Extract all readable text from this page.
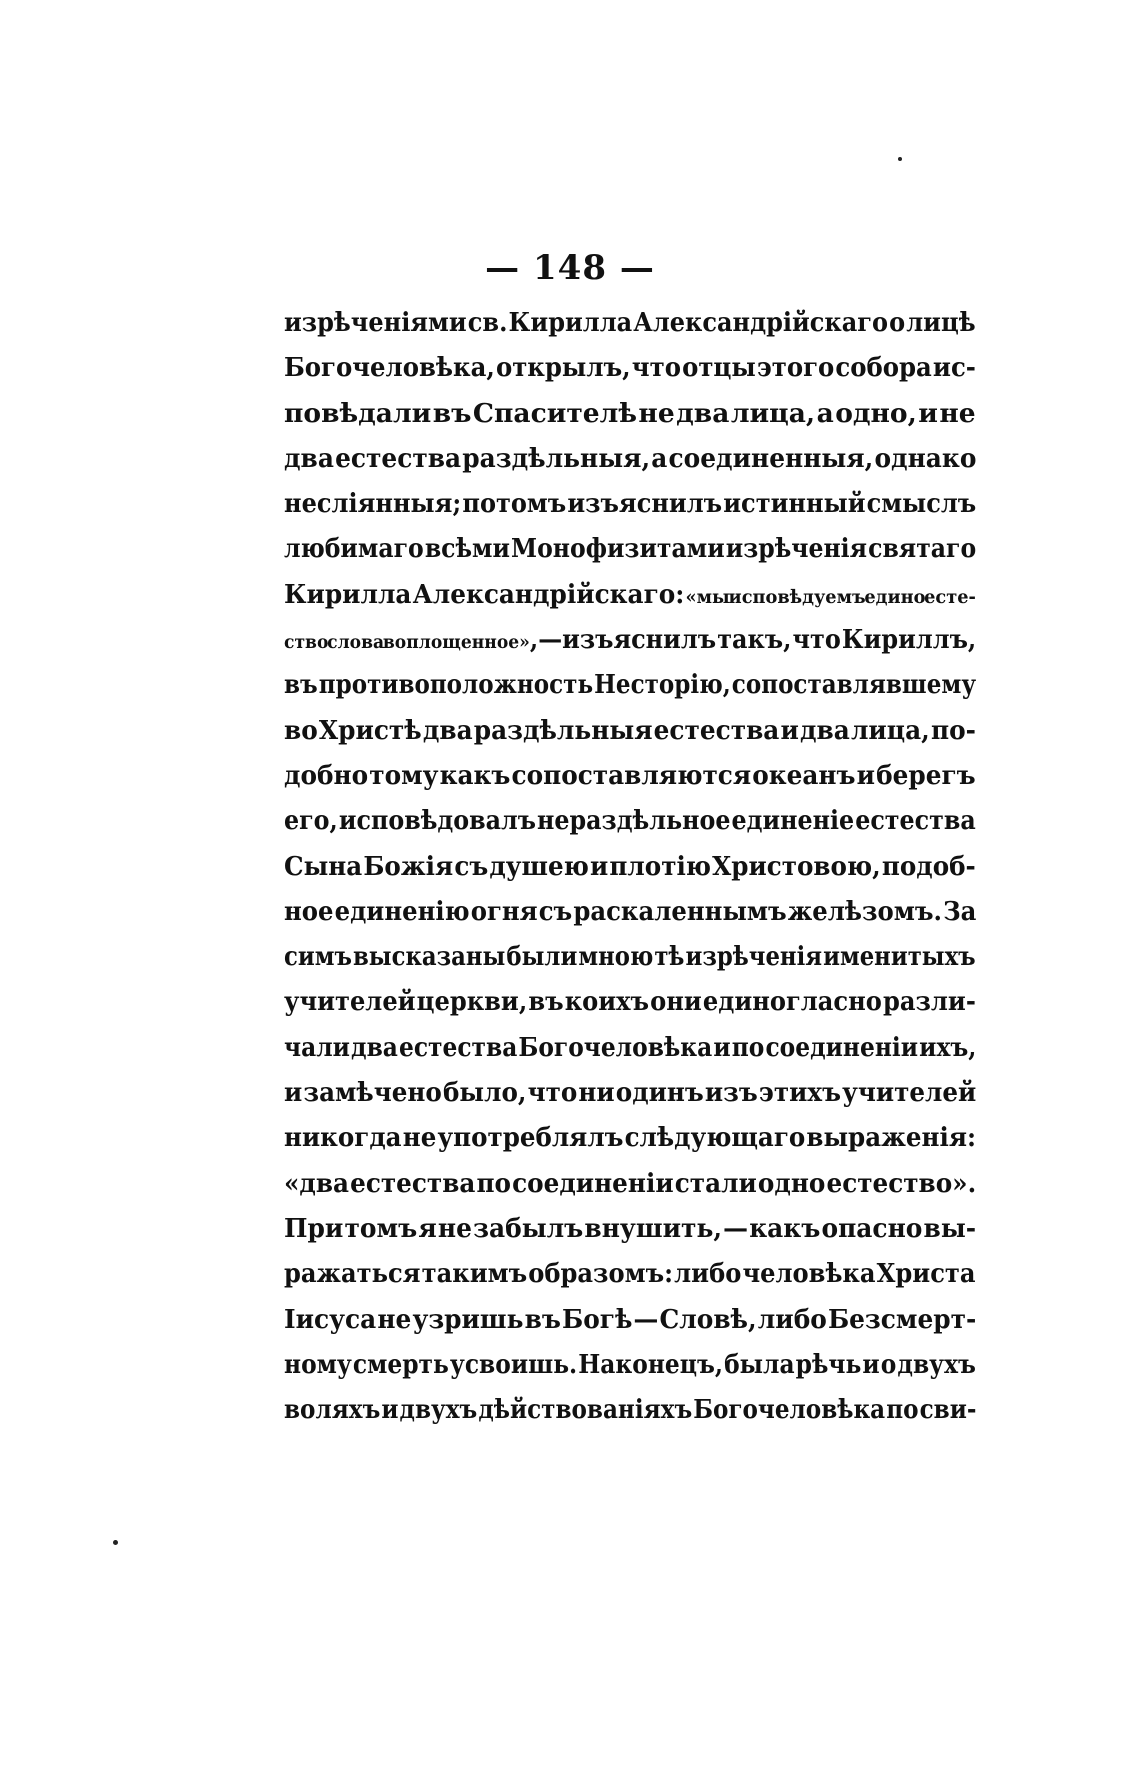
— 148 —
изрѣченіями св. Кирилла Александрійскаго о лицѣ
Богочеловѣка, открылъ, что отцы этого собора ис-
повѣдали въ Спасителѣ не два лица, а одно, и не
два естества раздѣльныя, а соединенныя, однако
неслiянныя; потомъ изъяснилъ истинный смыслъ
любимаго всѣми Монофизитами изрѣченія святаго
Кирилла Александрійскаго: «мы исповѣдуемъ едино есте-
ство слова воплощенное»,—изъяснилъ такъ, что Кириллъ,
въ противоположность Несторію, сопоставлявшему
во Христѣ два раздѣльныя естества и два лица, по-
добно тому какъ сопоставляются океанъ и берегъ
его, исповѣдовалъ нераздѣльное единеніе естества
Сына Божія съ душею и плотію Христовою, подоб-
ное единенію огня съ раскаленнымъ желѣзомъ. За
симъ высказаны были мною тѣ изрѣченія именитыхъ
учителей церкви, въ коихъ они единогласно разли-
чали два естества Богочеловѣка и по соединеніи ихъ,
и замѣчено было, что ни одинъ изъ этихъ учителей
никогда не употреблялъ слѣдующаго выраженія:
«два естества по соединеніи стали одно естество».
При томъ я не забылъ внушить, — какъ опасно вы-
ражаться такимъ образомъ: либо человѣка Христа
Іисуса не узришь въ Богѣ — Словѣ, либо Безсмерт-
ному смерть усвоишь. Наконецъ, была рѣчь и о двухъ
воляхъ и двухъ дѣйствованіяхъ Богочеловѣка по сви-
